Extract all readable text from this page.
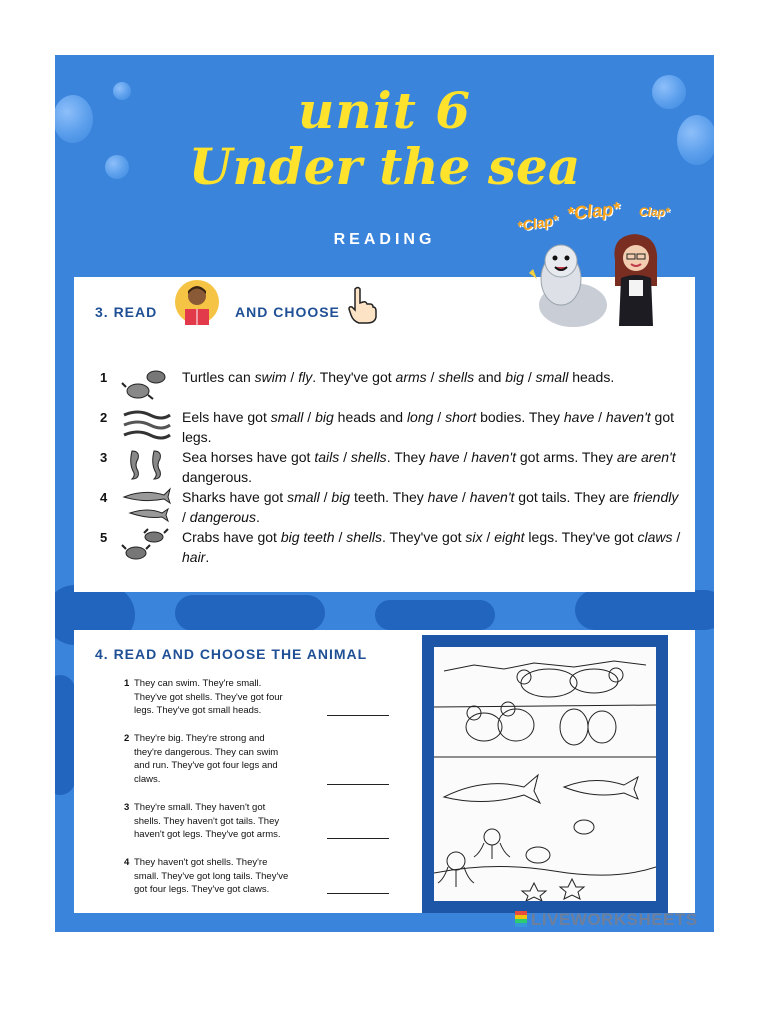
unit 6
Under the sea
READING
*Clap* *Clap* Clap*
3. READ	AND CHOOSE
1	Turtles can swim / fly. They've got arms / shells and big / small heads.
2	Eels have got small / big heads and long / short bodies. They have / haven't got legs.
3	Sea horses have got tails / shells. They have / haven't got arms. They are aren't dangerous.
4	Sharks have got small / big teeth. They have / haven't got tails. They are friendly / dangerous.
5	Crabs have got big teeth / shells. They've got six / eight legs. They've got claws / hair.
4. READ AND CHOOSE THE ANIMAL
1 They can swim. They're small.
They've got shells. They've got four
legs. They've got small heads.
2 They're big. They're strong and
they're dangerous. They can swim
and run. They've got four legs and
claws.
3 They're small. They haven't got
shells. They haven't got tails. They
haven't got legs. They've got arms.
4 They haven't got shells. They're
small. They've got long tails. They've
got four legs. They've got claws.
LIVEWORKSHEETS
